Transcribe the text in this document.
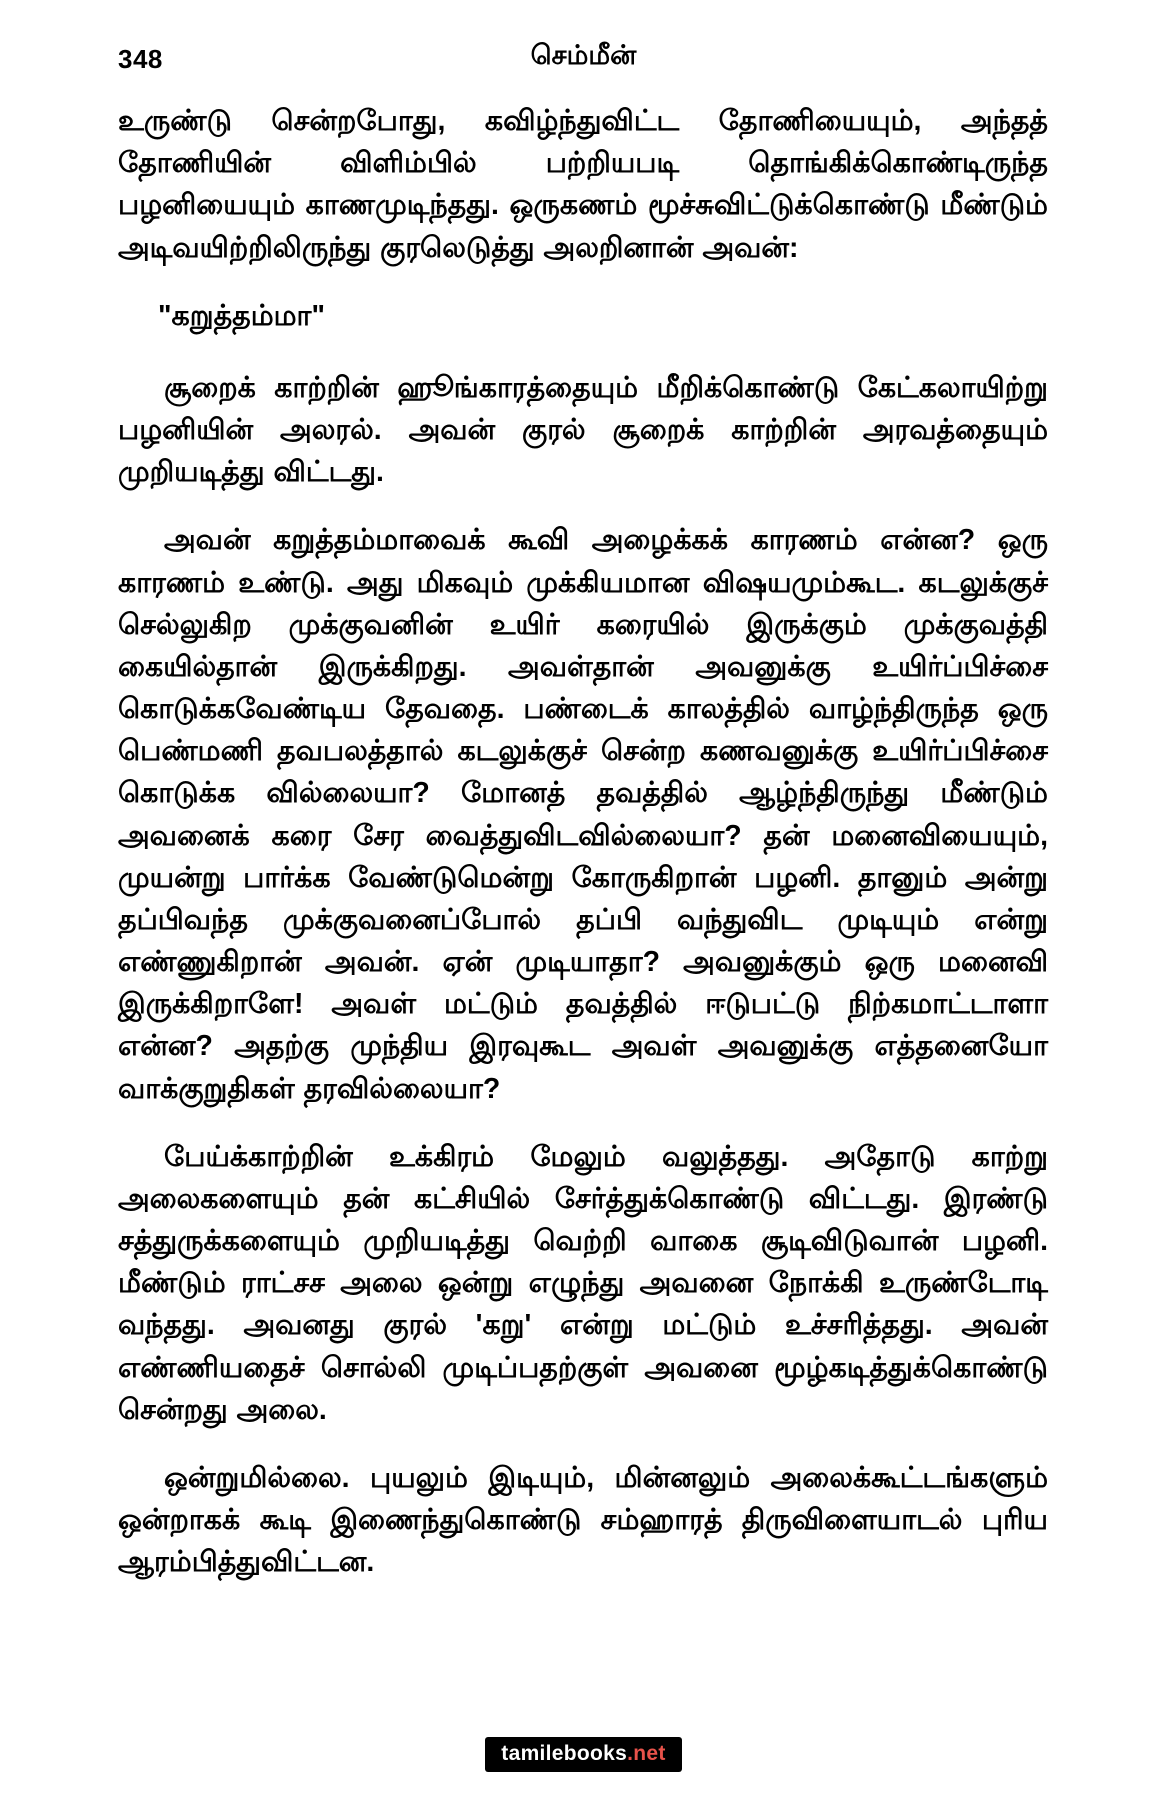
348	செம்மீன்

உருண்டு சென்றபோது, கவிழ்ந்துவிட்ட தோணியையும், அந்தத் தோணியின் விளிம்பில் பற்றியபடி தொங்கிக்கொண்டிருந்த பழனியையும் காணமுடிந்தது. ஒருகணம் மூச்சுவிட்டுக்கொண்டு மீண்டும் அடிவயிற்றிலிருந்து குரலெடுத்து அலறினான் அவன்:

"கறுத்தம்மா"

சூறைக் காற்றின் ஹூங்காரத்தையும் மீறிக்கொண்டு கேட்கலாயிற்று பழனியின் அலரல். அவன் குரல் சூறைக் காற்றின் அரவத்தையும் முறியடித்து விட்டது.

அவன் கறுத்தம்மாவைக் கூவி அழைக்கக் காரணம் என்ன? ஒரு காரணம் உண்டு. அது மிகவும் முக்கியமான விஷயமும்கூட. கடலுக்குச் செல்லுகிற முக்குவனின் உயிர் கரையில் இருக்கும் முக்குவத்தி கையில்தான் இருக்கிறது. அவள்தான் அவனுக்கு உயிர்ப்பிச்சை கொடுக்கவேண்டிய தேவதை. பண்டைக் காலத்தில் வாழ்ந்திருந்த ஒரு பெண்மணி தவபலத்தால் கடலுக்குச் சென்ற கணவனுக்கு உயிர்ப்பிச்சை கொடுக்க வில்லையா? மோனத் தவத்தில் ஆழ்ந்திருந்து மீண்டும் அவனைக் கரை சேர வைத்துவிடவில்லையா? தன் மனைவியையும், முயன்று பார்க்க வேண்டுமென்று கோருகிறான் பழனி. தானும் அன்று தப்பிவந்த முக்குவனைப்போல் தப்பி வந்துவிட முடியும் என்று எண்ணுகிறான் அவன். ஏன் முடியாதா? அவனுக்கும் ஒரு மனைவி இருக்கிறாளே! அவள் மட்டும் தவத்தில் ஈடுபட்டு நிற்கமாட்டாளா என்ன? அதற்கு முந்திய இரவுகூட அவள் அவனுக்கு எத்தனையோ வாக்குறுதிகள் தரவில்லையா?

பேய்க்காற்றின் உக்கிரம் மேலும் வலுத்தது. அதோடு காற்று அலைகளையும் தன் கட்சியில் சேர்த்துக்கொண்டு விட்டது. இரண்டு சத்துருக்களையும் முறியடித்து வெற்றி வாகை சூடிவிடுவான் பழனி. மீண்டும் ராட்சச அலை ஒன்று எழுந்து அவனை நோக்கி உருண்டோடி வந்தது. அவனது குரல் 'கறு' என்று மட்டும் உச்சரித்தது. அவன் எண்ணியதைச் சொல்லி முடிப்பதற்குள் அவனை மூழ்கடித்துக்கொண்டு சென்றது அலை.

ஒன்றுமில்லை. புயலும் இடியும், மின்னலும் அலைக்கூட்டங்களும் ஒன்றாகக் கூடி இணைந்துகொண்டு சம்ஹாரத் திருவிளையாடல் புரிய ஆரம்பித்துவிட்டன.

tamilebooks.net
